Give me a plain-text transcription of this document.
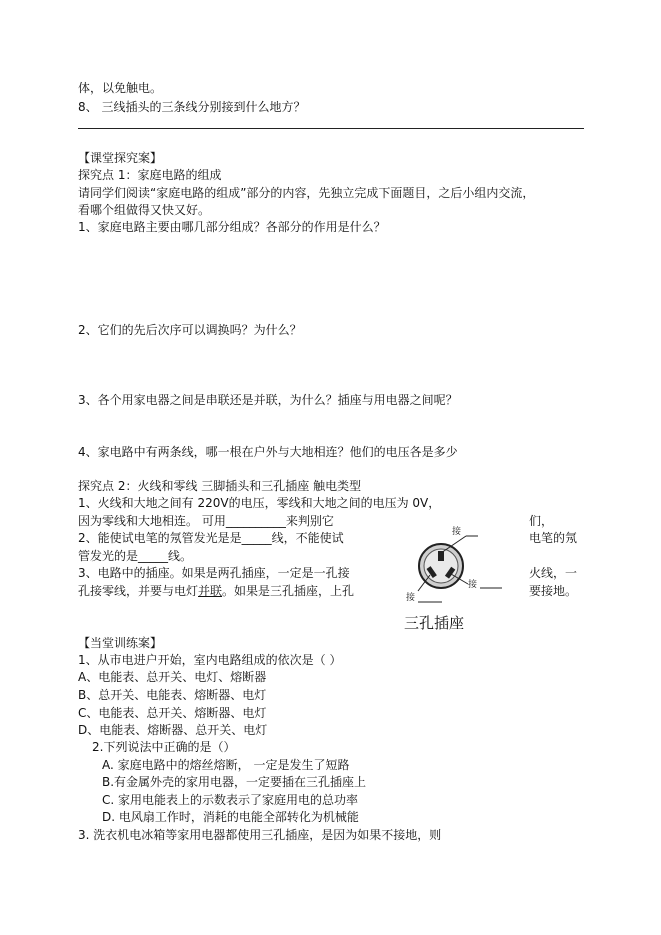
体，以免触电。
8、 三线插头的三条线分别接到什么地方？
【课堂探究案】
探究点 1：家庭电路的组成
请同学们阅读“家庭电路的组成”部分的内容，先独立完成下面题目，之后小组内交流，
看哪个组做得又快又好。
1、家庭电路主要由哪几部分组成？各部分的作用是什么？
2、它们的先后次序可以调换吗？为什么？
3、各个用家电器之间是串联还是并联，为什么？插座与用电器之间呢？
4、家电路中有两条线，哪一根在户外与大地相连？他们的电压各是多少
探究点 2：火线和零线 三脚插头和三孔插座 触电类型
1、火线和大地之间有 220V的电压，零线和大地之间的电压为 0V，
因为零线和大地相连。 可用__________来判别它	们，
2、能使试电笔的氖管发光是是_____线，不能使试	电笔的氖
管发光的是_____线。
3、电路中的插座。如果是两孔插座，一定是一孔接	火线，一
孔接零线，并要与电灯并联。如果是三孔插座，上孔	要接地。
接
接
接
三孔插座
【当堂训练案】
1、从市电进户开始，室内电路组成的依次是（ ）
A、电能表、总开关、电灯、熔断器
B、总开关、电能表、熔断器、电灯
C、电能表、总开关、熔断器、电灯
D、电能表、熔断器、总开关、电灯
2.下列说法中正确的是（）
A. 家庭电路中的熔丝熔断， 一定是发生了短路
B.有金属外壳的家用电器，一定要插在三孔插座上
C. 家用电能表上的示数表示了家庭用电的总功率
D. 电风扇工作时，消耗的电能全部转化为机械能
3. 洗衣机电冰箱等家用电器都使用三孔插座，是因为如果不接地，则
